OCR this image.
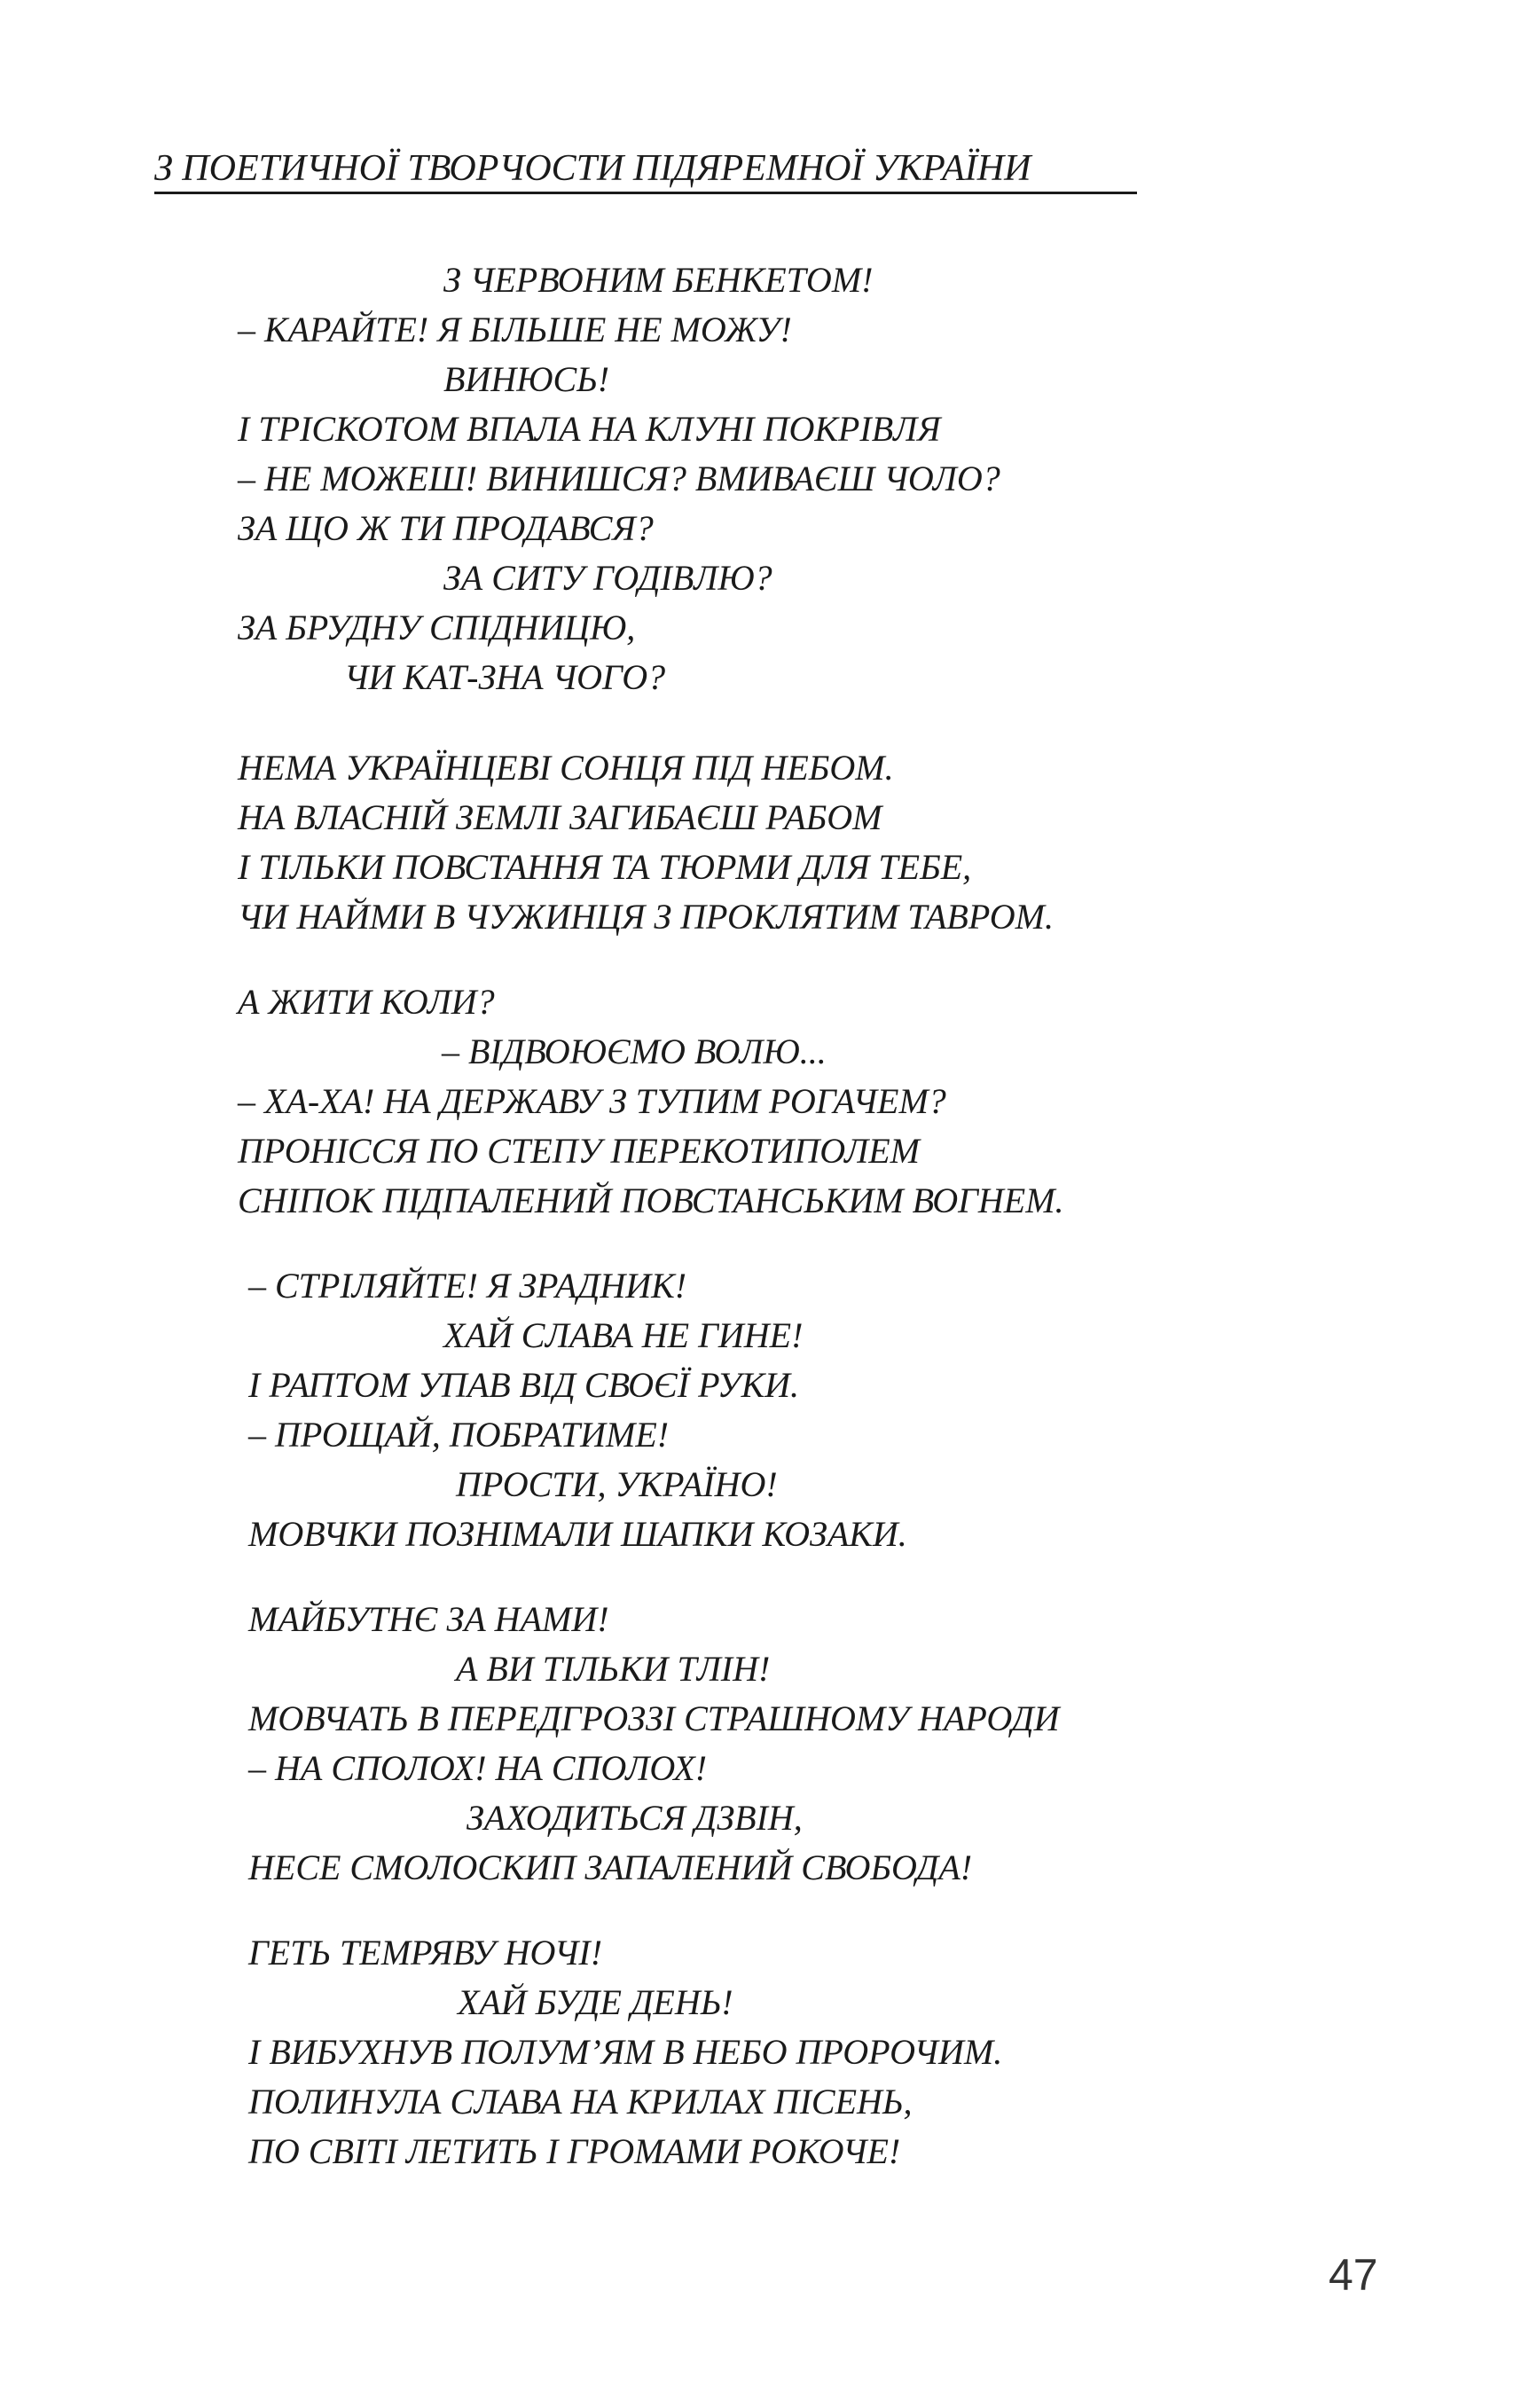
З ПОЕТИЧНОЇ ТВОРЧОСТИ ПІДЯРЕМНОЇ УКРАЇНИ
З ЧЕРВОНИМ БЕНКЕТОМ!
– КАРАЙТЕ! Я БІЛЬШЕ НЕ МОЖУ!
ВИНЮСЬ!
І ТРІСКОТОМ ВПАЛА НА КЛУНІ ПОКРІВЛЯ
– НЕ МОЖЕШ! ВИНИШСЯ? ВМИВАЄШ ЧОЛО?
ЗА ЩО Ж ТИ ПРОДАВСЯ?
ЗА СИТУ ГОДІВЛЮ?
ЗА БРУДНУ СПІДНИЦЮ,
ЧИ КАТ-ЗНА ЧОГО?
НЕМА УКРАЇНЦЕВІ СОНЦЯ ПІД НЕБОМ.
НА ВЛАСНІЙ ЗЕМЛІ ЗАГИБАЄШ РАБОМ
І ТІЛЬКИ ПОВСТАННЯ ТА ТЮРМИ ДЛЯ ТЕБЕ,
ЧИ НАЙМИ В ЧУЖИНЦЯ З ПРОКЛЯТИМ ТАВРОМ.
А ЖИТИ КОЛИ?
– ВІДВОЮЄМО ВОЛЮ...
– ХА-ХА! НА ДЕРЖАВУ З ТУПИМ РОГАЧЕМ?
ПРОНІССЯ ПО СТЕПУ ПЕРЕКОТИПОЛЕМ
СНІПОК ПІДПАЛЕНИЙ ПОВСТАНСЬКИМ ВОГНЕМ.
– СТРІЛЯЙТЕ! Я ЗРАДНИК!
ХАЙ СЛАВА НЕ ГИНЕ!
І РАПТОМ УПАВ ВІД СВОЄЇ РУКИ.
– ПРОЩАЙ, ПОБРАТИМЕ!
ПРОСТИ, УКРАЇНО!
МОВЧКИ ПОЗНІМАЛИ ШАПКИ КОЗАКИ.
МАЙБУТНЄ ЗА НАМИ!
А ВИ ТІЛЬКИ ТЛІН!
МОВЧАТЬ В ПЕРЕДГРОЗЗІ СТРАШНОМУ НАРОДИ
– НА СПОЛОХ! НА СПОЛОХ!
ЗАХОДИТЬСЯ ДЗВІН,
НЕСЕ СМОЛОСКИП ЗАПАЛЕНИЙ СВОБОДА!
ГЕТЬ ТЕМРЯВУ НОЧІ!
ХАЙ БУДЕ ДЕНЬ!
І ВИБУХНУВ ПОЛУМ’ЯМ В НЕБО ПРОРОЧИМ.
ПОЛИНУЛА СЛАВА НА КРИЛАХ ПІСЕНЬ,
ПО СВІТІ ЛЕТИТЬ І ГРОМАМИ РОКОЧЕ!
47
